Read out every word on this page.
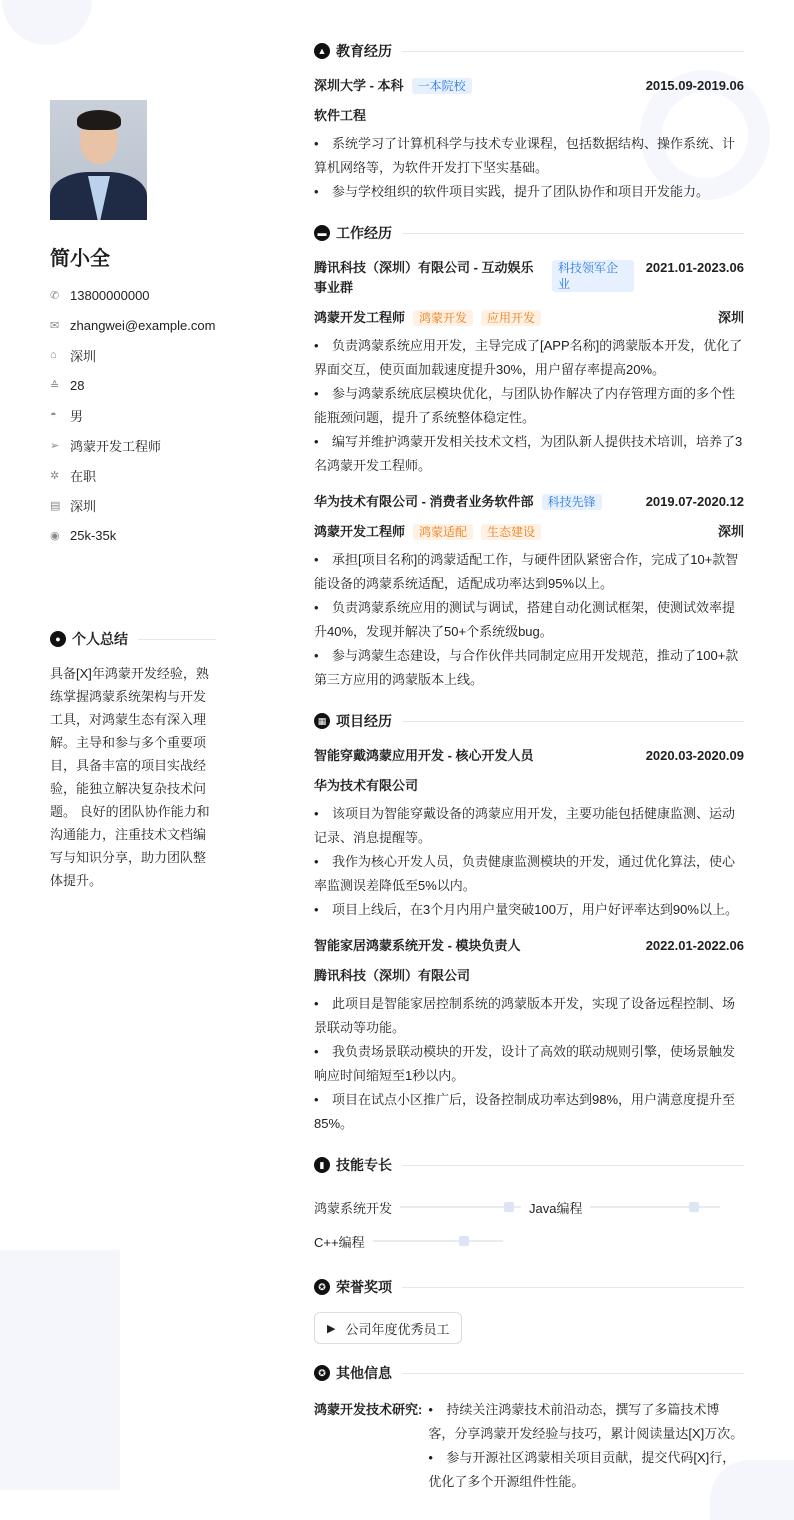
简小全
✆ 13800000000
✉ zhangwei@example.com
⌂	深圳
≙ 28
◓	男
➢ 鸿蒙开发工程师
✲ 在职
▤ 深圳
◉ 25k-35k
● 个人总结
具备[X]年鸿蒙开发经验，熟练掌握鸿蒙系统架构与开发工具，对鸿蒙生态有深入理解。主导和参与多个重要项目，具备丰富的项目实战经验，能独立解决复杂技术问题。 良好的团队协作能力和沟通能力，注重技术文档编写与知识分享，助力团队整体提升。
▲ 教育经历
深圳大学 - 本科	一本院校	2015.09-2019.06
软件工程
• 系统学习了计算机科学与技术专业课程，包括数据结构、操作系统、计算机网络等，为软件开发打下坚实基础。
• 参与学校组织的软件项目实践，提升了团队协作和项目开发能力。
▬ 工作经历
腾讯科技（深圳）有限公司 - 互动娱乐事业群
科技领军企业
2021.01-2023.06
鸿蒙开发工程师 鸿蒙开发 应用开发	深圳
• 负责鸿蒙系统应用开发，主导完成了[APP名称]的鸿蒙版本开发，优化了界面交互，使页面加载速度提升30%，用户留存率提高20%。
• 参与鸿蒙系统底层模块优化，与团队协作解决了内存管理方面的多个性能瓶颈问题，提升了系统整体稳定性。
• 编写并维护鸿蒙开发相关技术文档，为团队新人提供技术培训，培养了3名鸿蒙开发工程师。
华为技术有限公司 - 消费者业务软件部	科技先锋	2019.07-2020.12
鸿蒙开发工程师 鸿蒙适配 生态建设	深圳
• 承担[项目名称]的鸿蒙适配工作，与硬件团队紧密合作，完成了10+款智能设备的鸿蒙系统适配，适配成功率达到95%以上。
• 负责鸿蒙系统应用的测试与调试，搭建自动化测试框架，使测试效率提升40%，发现并解决了50+个系统级bug。
• 参与鸿蒙生态建设，与合作伙伴共同制定应用开发规范，推动了100+款第三方应用的鸿蒙版本上线。
▦ 项目经历
智能穿戴鸿蒙应用开发 - 核心开发人员	2020.03-2020.09
华为技术有限公司
• 该项目为智能穿戴设备的鸿蒙应用开发，主要功能包括健康监测、运动记录、消息提醒等。
• 我作为核心开发人员，负责健康监测模块的开发，通过优化算法，使心率监测误差降低至5%以内。
• 项目上线后，在3个月内用户量突破100万，用户好评率达到90%以上。
智能家居鸿蒙系统开发 - 模块负责人	2022.01-2022.06
腾讯科技（深圳）有限公司
• 此项目是智能家居控制系统的鸿蒙版本开发，实现了设备远程控制、场景联动等功能。
• 我负责场景联动模块的开发，设计了高效的联动规则引擎，使场景触发响应时间缩短至1秒以内。
• 项目在试点小区推广后，设备控制成功率达到98%，用户满意度提升至85%。
▮ 技能专长
鸿蒙系统开发	Java编程
C++编程
✪ 荣誉奖项
▶ 公司年度优秀员工
✪ 其他信息
鸿蒙开发技术研究:	• 持续关注鸿蒙技术前沿动态，撰写了多篇技术博客，分享鸿蒙开发经验与技巧，累计阅读量达[X]万次。
• 参与开源社区鸿蒙相关项目贡献，提交代码[X]行，优化了多个开源组件性能。
